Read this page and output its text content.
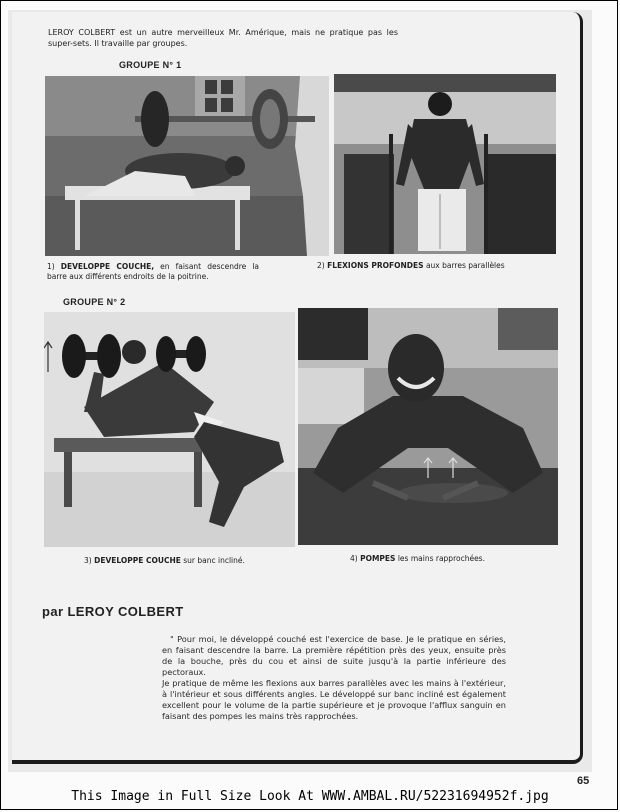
LEROY COLBERT est un autre merveilleux Mr. Amérique, mais ne pratique pas les super-sets. Il travaille par groupes.
GROUPE N° 1
1) DEVELOPPE COUCHE, en faisant descendre la barre aux différents endroits de la poitrine.
2) FLEXIONS PROFONDES aux barres parallèles
GROUPE N° 2
3) DEVELOPPE COUCHE sur banc incliné.	4) POMPES les mains rapprochées.
par LEROY COLBERT

" Pour moi, le développé couché est l'exercice de base. Je le pratique en séries, en faisant descendre la barre. La première répétition près des yeux, ensuite près de la bouche, près du cou et ainsi de suite jusqu'à la partie inférieure des pectoraux.

Je pratique de même les flexions aux barres parallèles avec les mains à l'extérieur, à l'intérieur et sous différents angles. Le développé sur banc incliné est également excellent pour le volume de la partie supérieure et je provoque l'afflux sanguin en faisant des pompes les mains très rapprochées.

65
This Image in Full Size Look At WWW.AMBAL.RU/52231694952f.jpg
